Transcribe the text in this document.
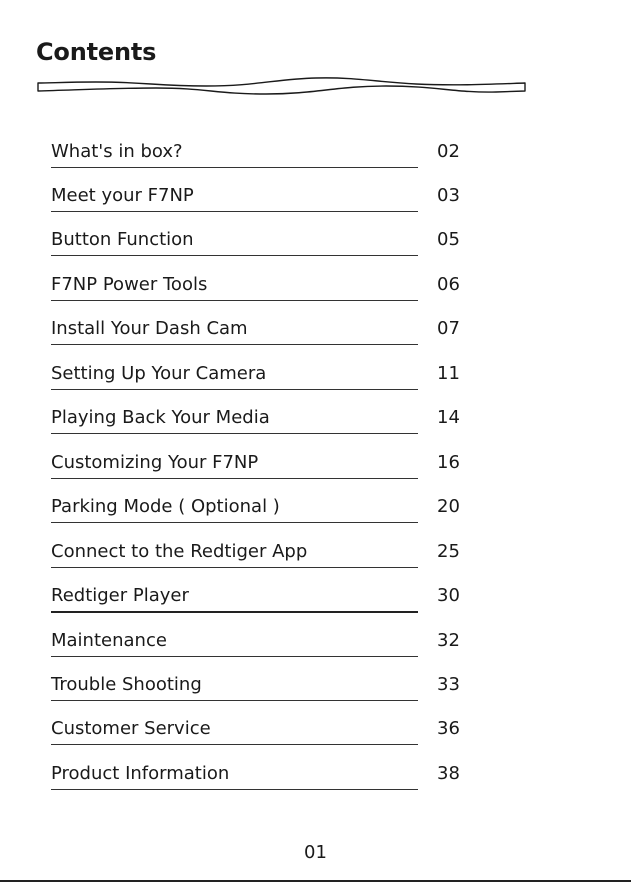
Contents
What's in box?	02
Meet your F7NP	03
Button Function	05
F7NP Power Tools	06
Install Your Dash Cam	07
Setting Up Your Camera	11
Playing Back Your Media	14
Customizing Your F7NP	16
Parking Mode ( Optional )	20
Connect to the Redtiger App	25
Redtiger Player	30
Maintenance	32
Trouble Shooting	33
Customer Service	36
Product Information	38
01
